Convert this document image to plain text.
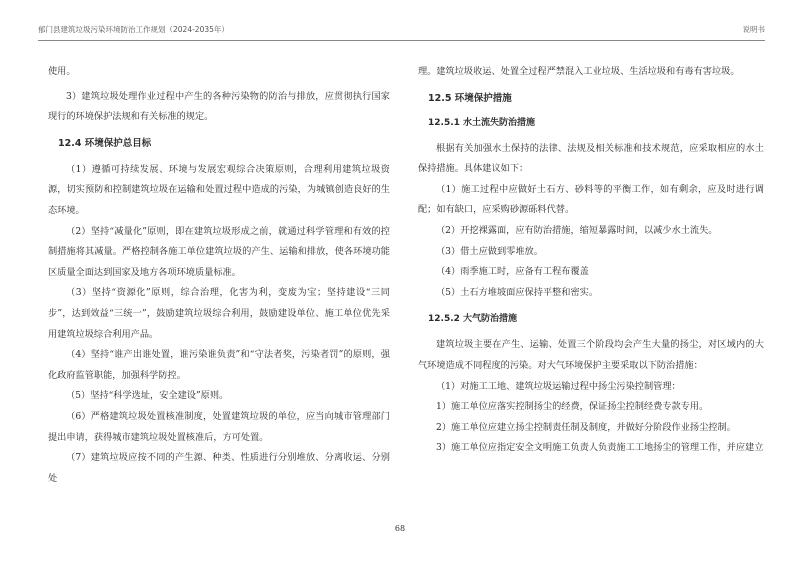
郁门县建筑垃圾污染环境防治工作规划（2024-2035年）	说明书

使用。

3）建筑垃圾处理作业过程中产生的各种污染物的防治与排放，应贯彻执行国家现行的环境保护法规和有关标准的规定。

12.4 环境保护总目标

（1）遵循可持续发展、环境与发展宏观综合决策原则，合理利用建筑垃圾资源，切实预防和控制建筑垃圾在运输和处置过程中造成的污染，为城镇创造良好的生态环境。

（2）坚持“减量化”原则，即在建筑垃圾形成之前，就通过科学管理和有效的控制措施将其减量。严格控制各施工单位建筑垃圾的产生、运输和排放，使各环境功能区质量全面达到国家及地方各项环境质量标准。

（3）坚持“资源化”原则，综合治理，化害为利，变废为宝；坚持建设“三同步”，达到效益“三统一”，鼓励建筑垃圾综合利用，鼓励建设单位、施工单位优先采用建筑垃圾综合利用产品。

（4）坚持“谁产出谁处置，谁污染谁负责”和“守法者奖，污染者罚”的原则，强化政府监管职能，加强科学防控。

（5）坚持“科学选址，安全建设”原则。

（6）严格建筑垃圾处置核准制度，处置建筑垃圾的单位，应当向城市管理部门提出申请，获得城市建筑垃圾处置核准后，方可处置。

（7）建筑垃圾应按不同的产生源、种类、性质进行分别堆放、分离收运、分别处

理。建筑垃圾收运、处置全过程严禁混入工业垃圾、生活垃圾和有毒有害垃圾。

12.5 环境保护措施
12.5.1 水土流失防治措施

根据有关加强水土保持的法律、法规及相关标准和技术规范，应采取相应的水土保持措施。具体建议如下：

（1）施工过程中应做好土石方、砂料等的平衡工作，如有剩余，应及时进行调配；如有缺口，应采购砂源砾料代替。

（2）开挖裸露面，应有防治措施，缩短暴露时间，以减少水土流失。

（3）借土应做到零堆放。

（4）雨季施工时，应备有工程布覆盖

（5）土石方堆坡面应保持平整和密实。

12.5.2 大气防治措施

建筑垃圾主要在产生、运输、处置三个阶段均会产生大量的扬尘，对区域内的大气环境造成不同程度的污染。对大气环境保护主要采取以下防治措施：

（1）对施工工地、建筑垃圾运输过程中扬尘污染控制管理：

1）施工单位应落实控制扬尘的经费，保证扬尘控制经费专款专用。

2）施工单位应建立扬尘控制责任制及制度，并做好分阶段作业扬尘控制。

3）施工单位应指定安全文明施工负责人负责施工工地扬尘的管理工作，并应建立

68
